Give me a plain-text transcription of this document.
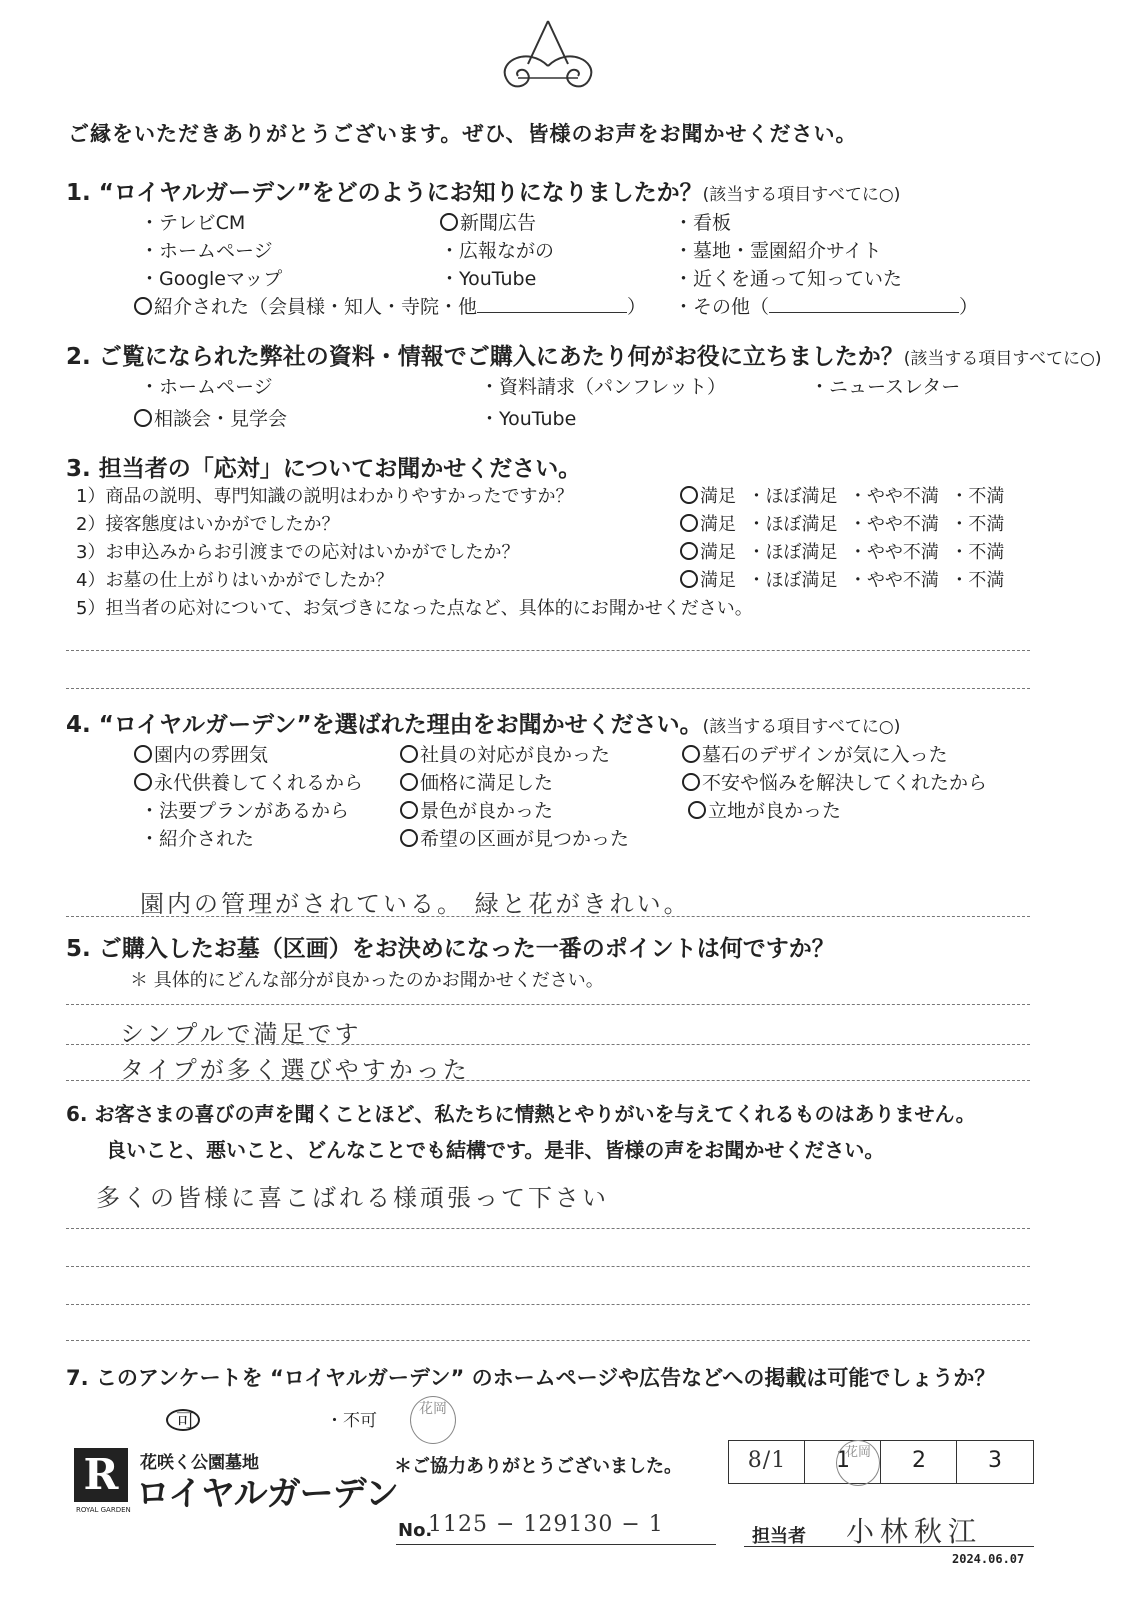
ご縁をいただきありがとうございます。ぜひ、皆様のお声をお聞かせください。
1. “ロイヤルガーデン”をどのようにお知りになりましたか？(該当する項目すべてに○)
・テレビCM	新聞広告	・看板
・ホームページ	・広報ながの	・墓地・霊園紹介サイト
・Googleマップ	・YouTube	・近くを通って知っていた
紹介された（会員様・知人・寺院・他	） ・その他（	）
2. ご覧になられた弊社の資料・情報でご購入にあたり何がお役に立ちましたか？(該当する項目すべてに○)
・ホームページ	・資料請求（パンフレット）	・ニュースレター
相談会・見学会	・YouTube
3. 担当者の「応対」についてお聞かせください。
1）商品の説明、専門知識の説明はわかりやすかったですか？	満足 ・ほぼ満足 ・やや不満 ・不満
2）接客態度はいかがでしたか？	満足 ・ほぼ満足 ・やや不満 ・不満
3）お申込みからお引渡までの応対はいかがでしたか？	満足 ・ほぼ満足 ・やや不満 ・不満
4）お墓の仕上がりはいかがでしたか？	満足 ・ほぼ満足 ・やや不満 ・不満
5）担当者の応対について、お気づきになった点など、具体的にお聞かせください。
4. “ロイヤルガーデン”を選ばれた理由をお聞かせください。(該当する項目すべてに○)
園内の雰囲気	社員の対応が良かった	墓石のデザインが気に入った
永代供養してくれるから	価格に満足した	不安や悩みを解決してくれたから
・法要プランがあるから	景色が良かった	立地が良かった
・紹介された	希望の区画が見つかった
園内の管理がされている。 緑と花がきれい。
5. ご購入したお墓（区画）をお決めになった一番のポイントは何ですか？
＊ 具体的にどんな部分が良かったのかお聞かせください。
シンプルで満足です
タイプが多く選びやすかった
6. お客さまの喜びの声を聞くことほど、私たちに情熱とやりがいを与えてくれるものはありません。
良いこと、悪いこと、どんなことでも結構です。是非、皆様の声をお聞かせください。
多くの皆様に喜こばれる様頑張って下さい
7. このアンケートを “ロイヤルガーデン” のホームページや広告などへの掲載は可能でしょうか？
可	・不可
花岡
R	花咲く公園墓地
ロイヤルガーデン
ROYAL GARDEN
＊ご協力ありがとうございました。	8/1	1	2	3
花岡
No.
1125 − 129130 − 1	担当者 小林秋江
2024.06.07
